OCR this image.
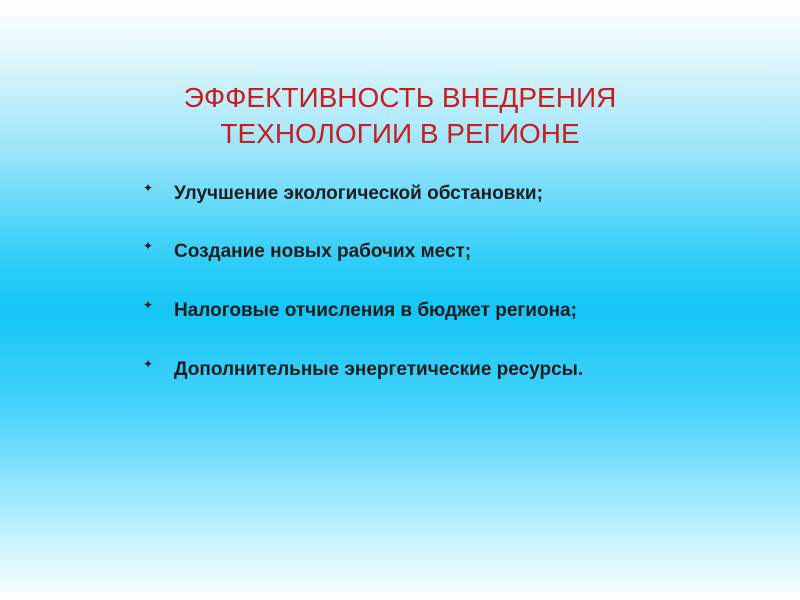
ЭФФЕКТИВНОСТЬ ВНЕДРЕНИЯ
ТЕХНОЛОГИИ В РЕГИОНЕ
✦ Улучшение экологической обстановки;
✦ Создание новых рабочих мест;
✦ Налоговые отчисления в бюджет региона;
✦ Дополнительные энергетические ресурсы.
